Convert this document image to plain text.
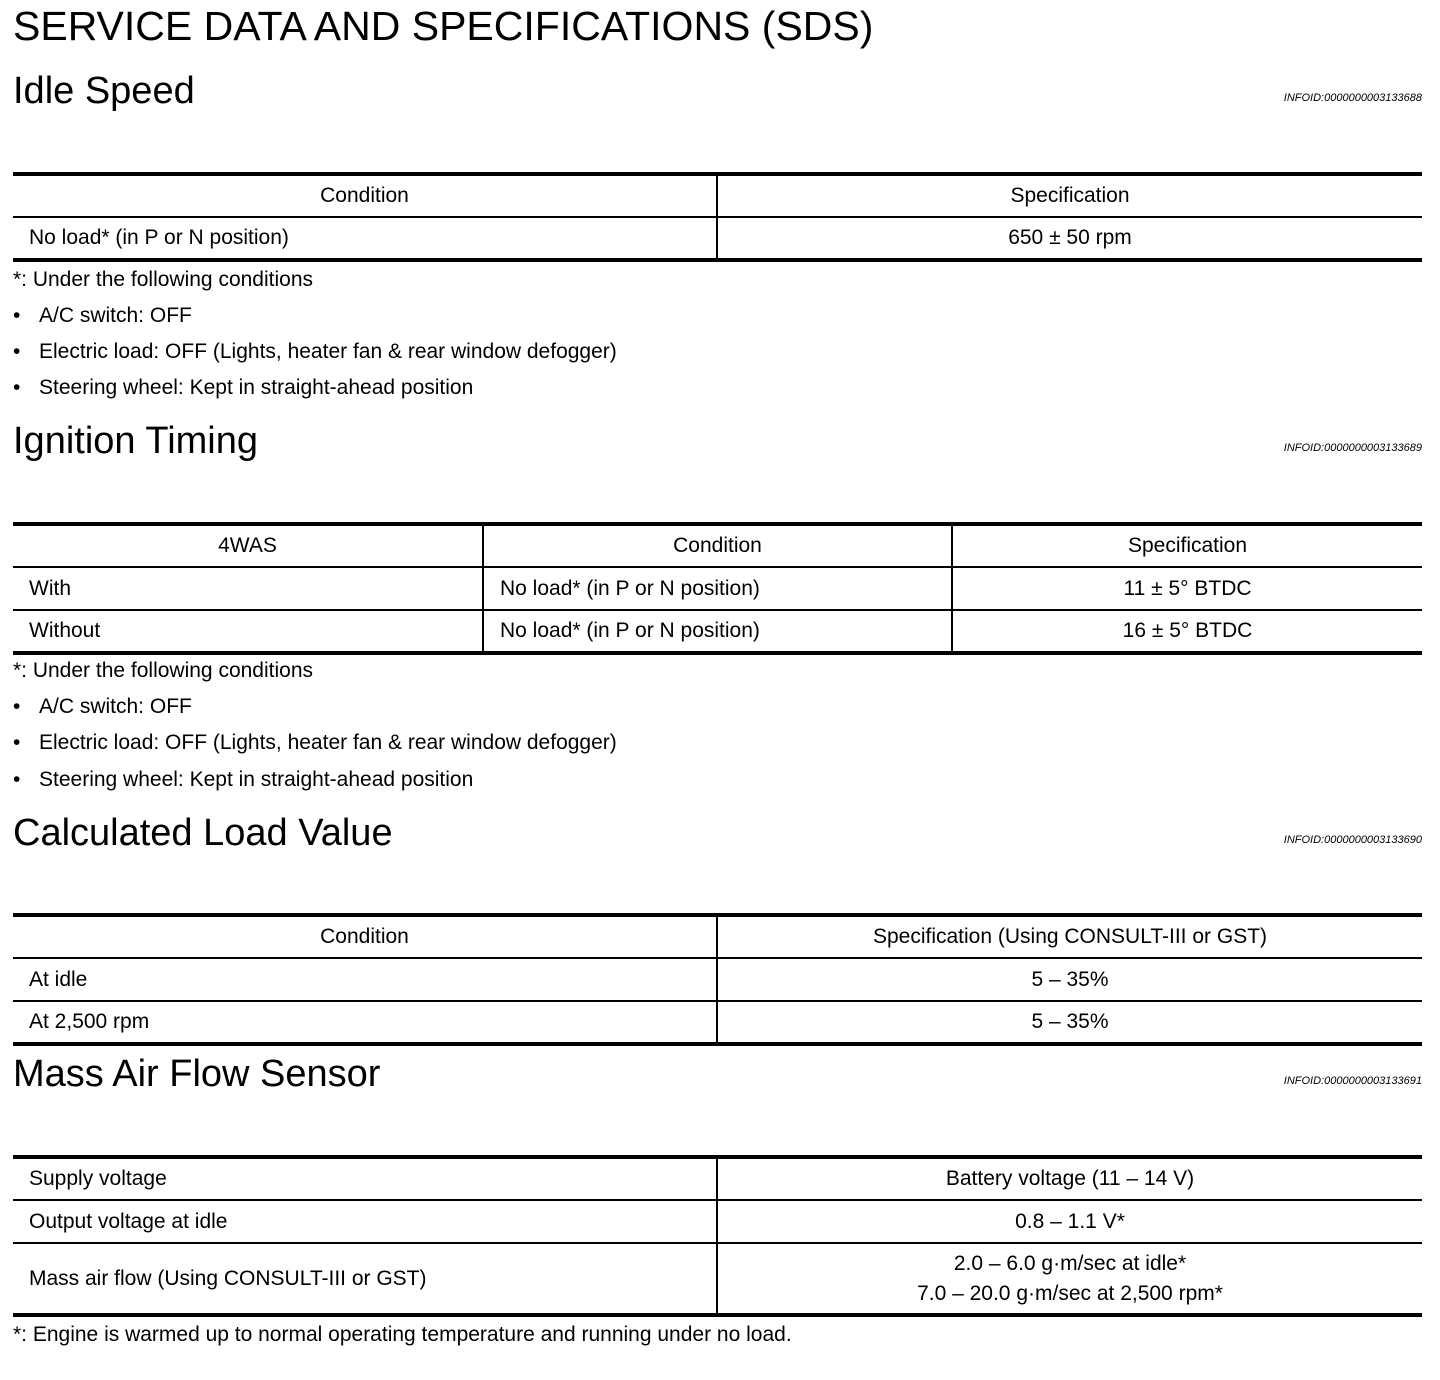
SERVICE DATA AND SPECIFICATIONS (SDS)
Idle Speed	INFOID:0000000003133688
Condition	Specification
No load* (in P or N position)	650 ± 50 rpm
*: Under the following conditions
• A/C switch: OFF
• Electric load: OFF (Lights, heater fan & rear window defogger)
• Steering wheel: Kept in straight-ahead position
Ignition Timing	INFOID:0000000003133689
4WAS	Condition	Specification
With	No load* (in P or N position)	11 ± 5° BTDC
Without	No load* (in P or N position)	16 ± 5° BTDC
*: Under the following conditions
• A/C switch: OFF
• Electric load: OFF (Lights, heater fan & rear window defogger)
• Steering wheel: Kept in straight-ahead position
Calculated Load Value	INFOID:0000000003133690
Condition	Specification (Using CONSULT-III or GST)
At idle	5 – 35%
At 2,500 rpm	5 – 35%
Mass Air Flow Sensor	INFOID:0000000003133691
Supply voltage	Battery voltage (11 – 14 V)
Output voltage at idle	0.8 – 1.1 V*
Mass air flow (Using CONSULT-III or GST)	2.0 – 6.0 g·m/sec at idle*
7.0 – 20.0 g·m/sec at 2,500 rpm*
*: Engine is warmed up to normal operating temperature and running under no load.
